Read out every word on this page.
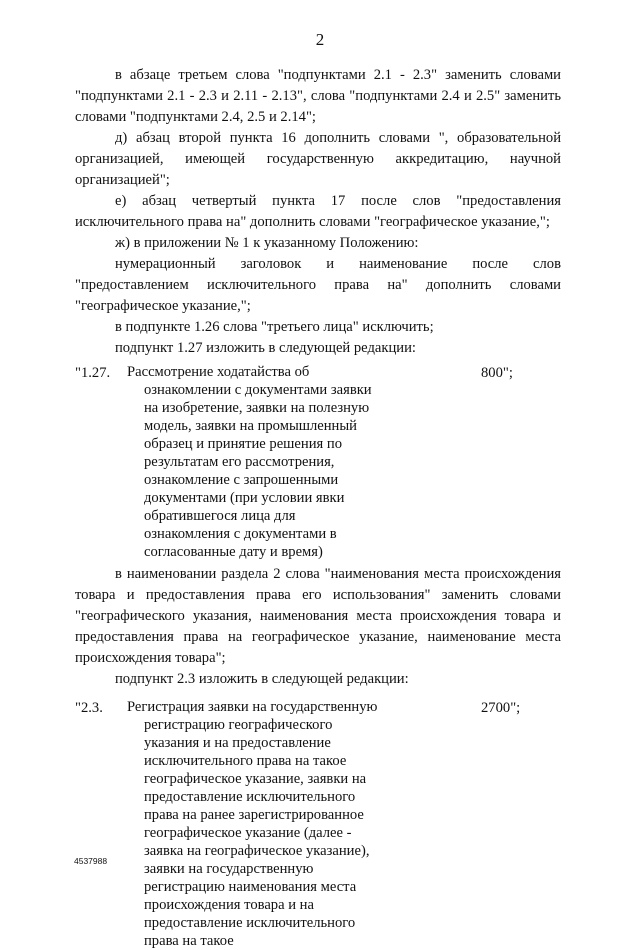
2

в абзаце третьем слова "подпунктами 2.1 - 2.3" заменить словами "подпунктами 2.1 - 2.3 и 2.11 - 2.13", слова "подпунктами 2.4 и 2.5" заменить словами "подпунктами 2.4, 2.5 и 2.14";

д) абзац второй пункта 16 дополнить словами ", образовательной организацией, имеющей государственную аккредитацию, научной организацией";

е) абзац четвертый пункта 17 после слов "предоставления исключительного права на" дополнить словами "географическое указание,";

ж) в приложении № 1 к указанному Положению:

нумерационный заголовок и наименование после слов "предоставлением исключительного права на" дополнить словами "географическое указание,";

в подпункте 1.26 слова "третьего лица" исключить;

подпункт 1.27 изложить в следующей редакции:

"1.27. Рассмотрение ходатайства об ознакомлении с документами заявки на изобретение, заявки на полезную модель, заявки на промышленный образец и принятие решения по результатам его рассмотрения, ознакомление с запрошенными документами (при условии явки обратившегося лица для ознакомления с документами в согласованные дату и время)
800";

в наименовании раздела 2 слова "наименования места происхождения товара и предоставления права его использования" заменить словами "географического указания, наименования места происхождения товара и предоставления права на географическое указание, наименование места происхождения товара";

подпункт 2.3 изложить в следующей редакции:

"2.3. Регистрация заявки на государственную регистрацию географического указания и на предоставление исключительного права на такое географическое указание, заявки на предоставление исключительного права на ранее зарегистрированное географическое указание (далее - заявка на географическое указание), заявки на государственную регистрацию наименования места происхождения товара и на предоставление исключительного права на такое
2700";
4537988
